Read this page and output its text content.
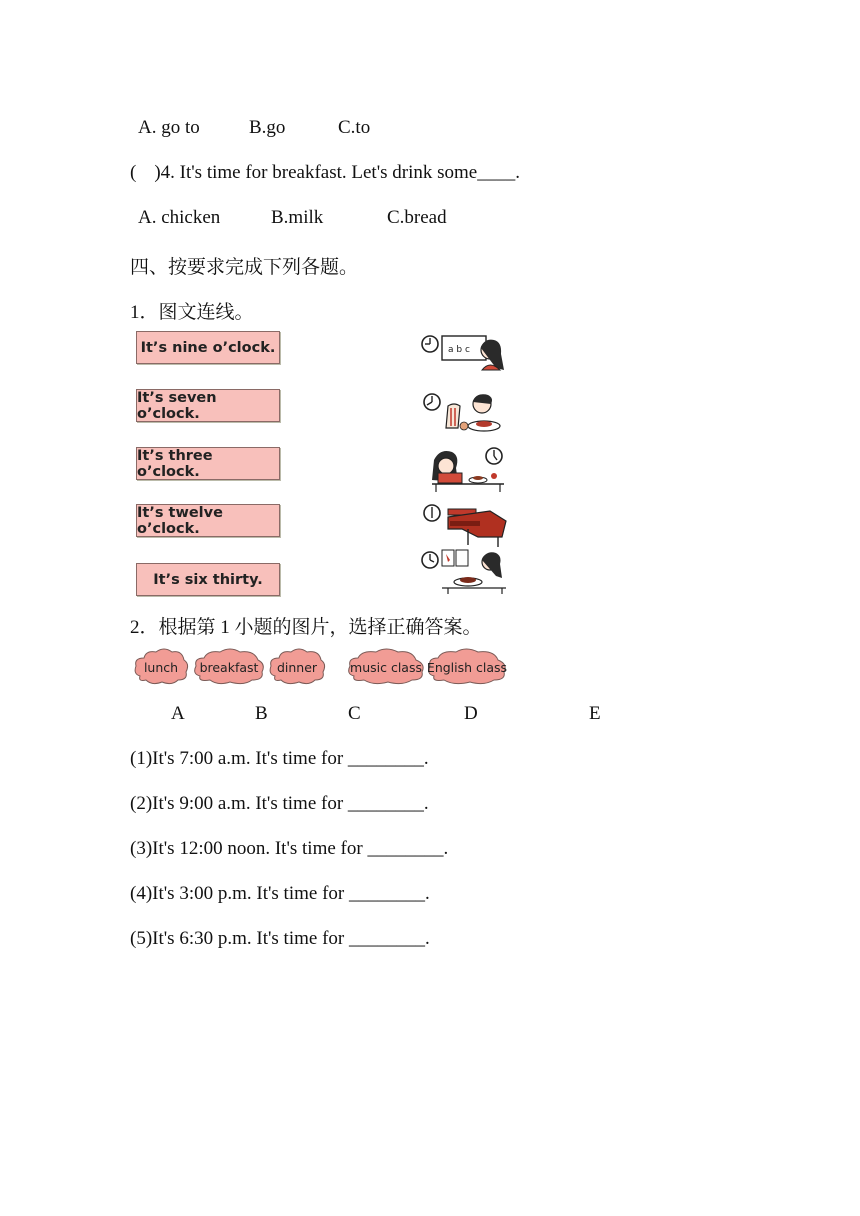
A. go to	B.go	C.to
( )4. It's time for breakfast. Let's drink some____.
A. chicken	B.milk	C.bread
四、按要求完成下列各题。
1．图文连线。
It’s nine o’clock.
It’s seven o’clock.
It’s three o’clock.
It’s twelve o’clock.
It’s six thirty.
a b c
2．根据第 1 小题的图片，选择正确答案。
lunch	breakfast	dinner	music class English class
A	B	C	D	E
(1)It's 7:00 a.m. It's time for ________.
(2)It's 9:00 a.m. It's time for ________.
(3)It's 12:00 noon. It's time for ________.
(4)It's 3:00 p.m. It's time for ________.
(5)It's 6:30 p.m. It's time for ________.
